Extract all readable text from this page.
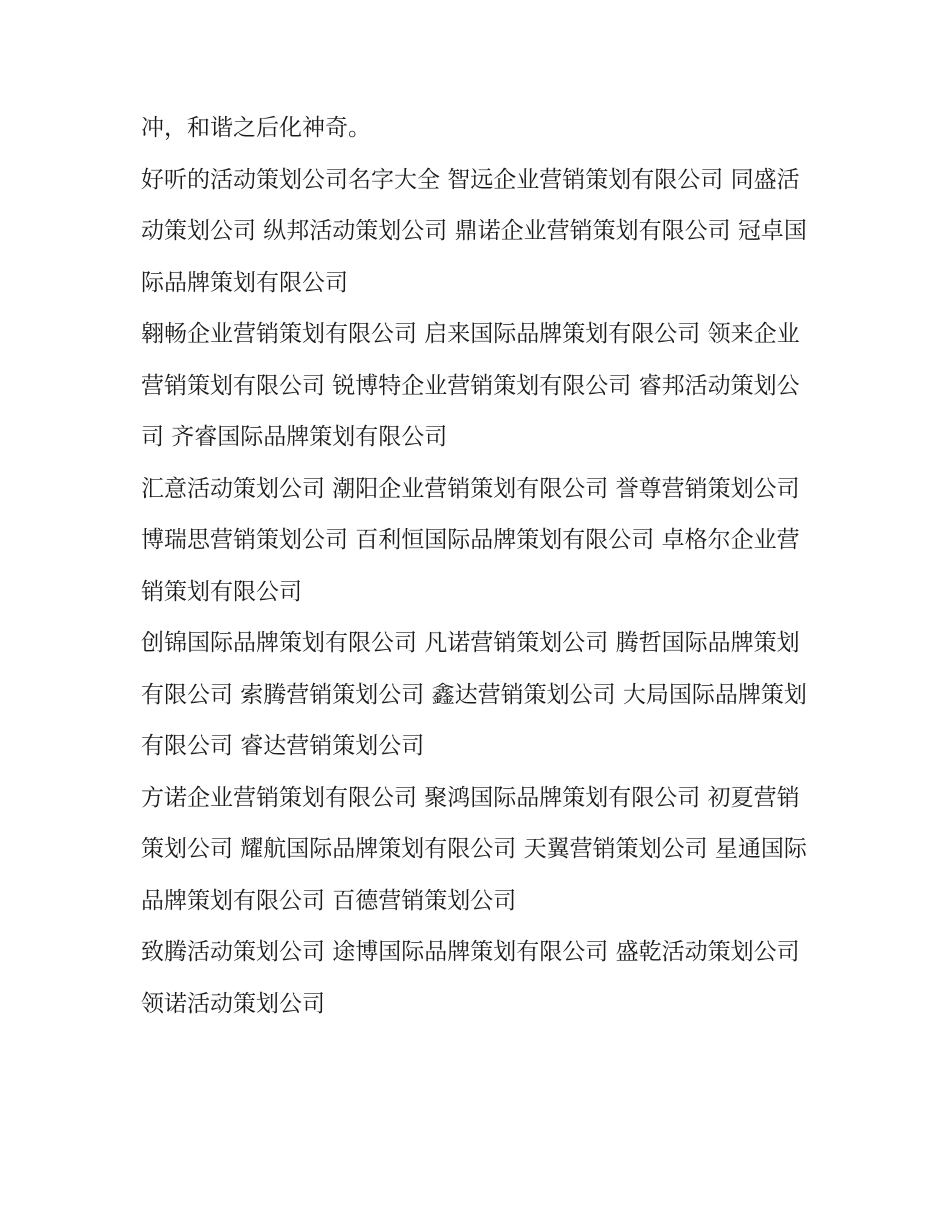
冲，和谐之后化神奇。

好听的活动策划公司名字大全 智远企业营销策划有限公司 同盛活动策划公司 纵邦活动策划公司 鼎诺企业营销策划有限公司 冠卓国际品牌策划有限公司

翱畅企业营销策划有限公司 启来国际品牌策划有限公司 领来企业营销策划有限公司 锐博特企业营销策划有限公司 睿邦活动策划公司 齐睿国际品牌策划有限公司

汇意活动策划公司 潮阳企业营销策划有限公司 誉尊营销策划公司 博瑞思营销策划公司 百利恒国际品牌策划有限公司 卓格尔企业营销策划有限公司

创锦国际品牌策划有限公司 凡诺营销策划公司 腾哲国际品牌策划有限公司 索腾营销策划公司 鑫达营销策划公司 大局国际品牌策划有限公司 睿达营销策划公司

方诺企业营销策划有限公司 聚鸿国际品牌策划有限公司 初夏营销策划公司 耀航国际品牌策划有限公司 天翼营销策划公司 星通国际品牌策划有限公司 百德营销策划公司

致腾活动策划公司 途博国际品牌策划有限公司 盛乾活动策划公司 领诺活动策划公司
